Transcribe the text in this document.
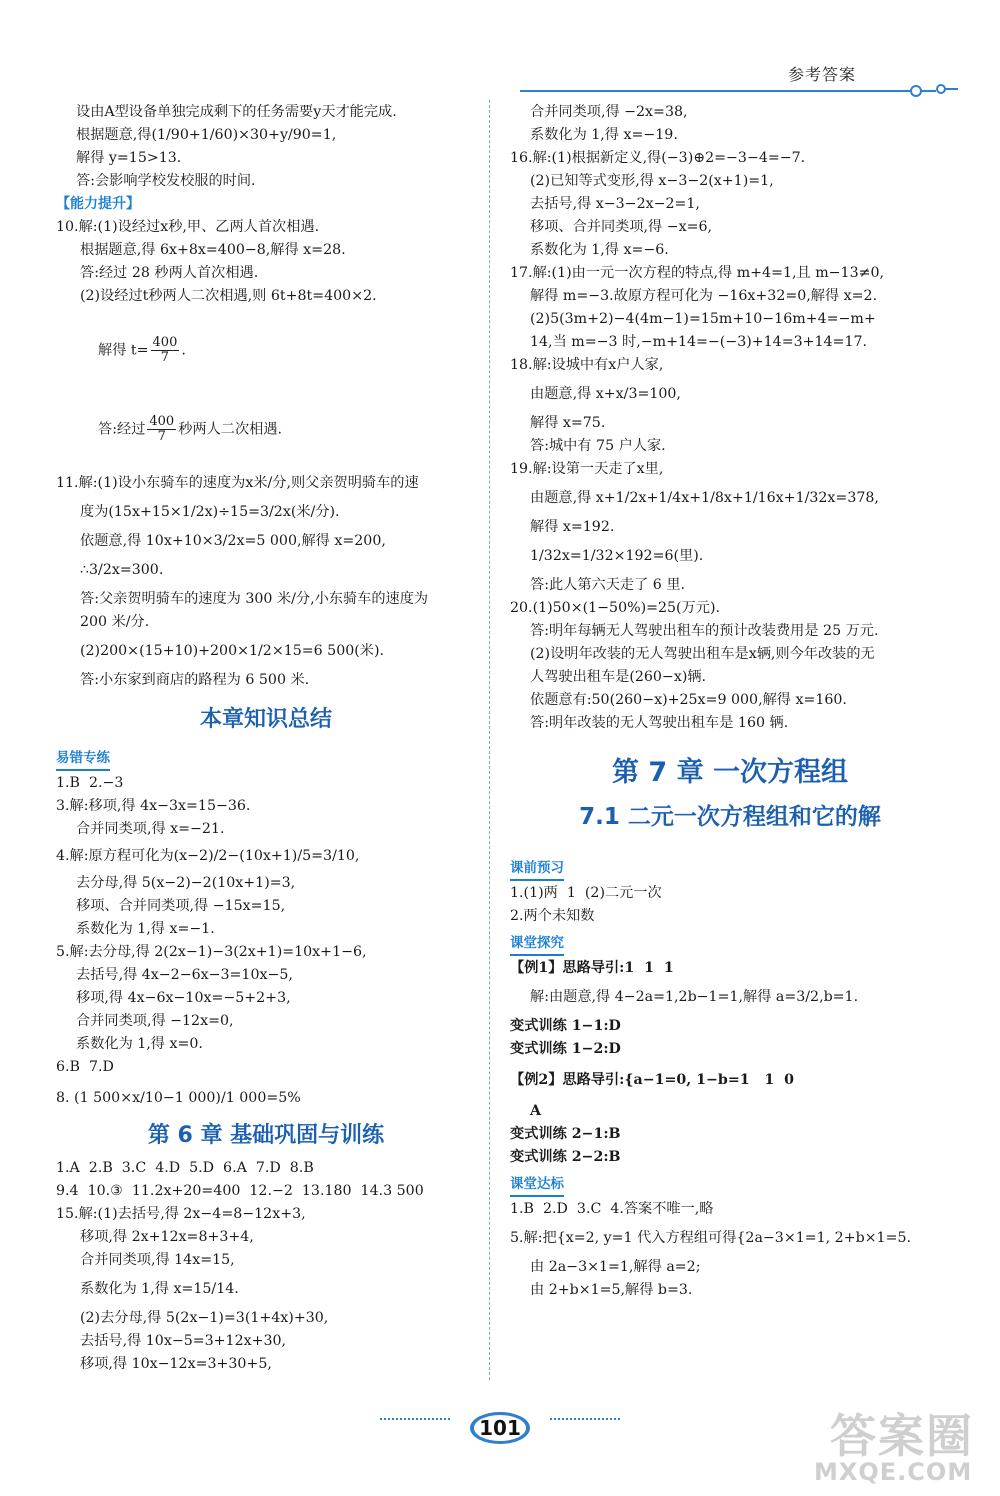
参考答案
设由A型设备单独完成剩下的任务需要y天才能完成.
根据题意,得(1/90+1/60)×30+y/90=1,
解得 y=15>13.
答:会影响学校发校服的时间.
【能力提升】
10.解:(1)设经过x秒,甲、乙两人首次相遇.
根据题意,得 6x+8x=400−8,解得 x=28.
答:经过 28 秒两人首次相遇.
(2)设经过t秒两人二次相遇,则 6t+8t=400×2.

解得 $t= \frac{400}{7}$ .

答:经过 $\frac{400}{7}$ 秒两人二次相遇.

11.解:(1)设小东骑车的速度为x米/分,则父亲贺明骑车的速
度为(15x+15×1/2x)÷15=3/2x(米/分).
依题意,得 10x+10×3/2x=5 000,解得 x=200,
∴3/2x=300.
答:父亲贺明骑车的速度为 300 米/分,小东骑车的速度为
200 米/分.
(2)200×(15+10)+200×1/2×15=6 500(米).
答:小东家到商店的路程为 6 500 米.
本章知识总结
易错专练
1.B  2.−3
3.解:移项,得 4x−3x=15−36.
合并同类项,得 x=−21.
4.解:原方程可化为(x−2)/2−(10x+1)/5=3/10,
去分母,得 5(x−2)−2(10x+1)=3,
移项、合并同类项,得 −15x=15,
系数化为 1,得 x=−1.
5.解:去分母,得 2(2x−1)−3(2x+1)=10x+1−6,
去括号,得 4x−2−6x−3=10x−5,
移项,得 4x−6x−10x=−5+2+3,
合并同类项,得 −12x=0,
系数化为 1,得 x=0.
6.B  7.D
8. (1 500×x/10−1 000)/1 000=5%
第 6 章 基础巩固与训练
1.A  2.B  3.C  4.D  5.D  6.A  7.D  8.B
9.4  10.③  11.2x+20=400  12.−2  13.180  14.3 500
15.解:(1)去括号,得 2x−4=8−12x+3,
移项,得 2x+12x=8+3+4,
合并同类项,得 14x=15,
系数化为 1,得 x=15/14.
(2)去分母,得 5(2x−1)=3(1+4x)+30,
去括号,得 10x−5=3+12x+30,
移项,得 10x−12x=3+30+5,
合并同类项,得 −2x=38,
系数化为 1,得 x=−19.
16.解:(1)根据新定义,得(−3)⊕2=−3−4=−7.
(2)已知等式变形,得 x−3−2(x+1)=1,
去括号,得 x−3−2x−2=1,
移项、合并同类项,得 −x=6,
系数化为 1,得 x=−6.
17.解:(1)由一元一次方程的特点,得 m+4=1,且 m−13≠0,
解得 m=−3.故原方程可化为 −16x+32=0,解得 x=2.
(2)5(3m+2)−4(4m−1)=15m+10−16m+4=−m+
14,当 m=−3 时,−m+14=−(−3)+14=3+14=17.
18.解:设城中有x户人家,
由题意,得 x+x/3=100,
解得 x=75.
答:城中有 75 户人家.
19.解:设第一天走了x里,
由题意,得 x+1/2x+1/4x+1/8x+1/16x+1/32x=378,
解得 x=192.
1/32x=1/32×192=6(里).
答:此人第六天走了 6 里.
20.(1)50×(1−50%)=25(万元).
答:明年每辆无人驾驶出租车的预计改装费用是 25 万元.
(2)设明年改装的无人驾驶出租车是x辆,则今年改装的无
人驾驶出租车是(260−x)辆.
依题意有:50(260−x)+25x=9 000,解得 x=160.
答:明年改装的无人驾驶出租车是 160 辆.
第 7 章 一次方程组
7.1 二元一次方程组和它的解
课前预习
1.(1)两  1  (2)二元一次
2.两个未知数
课堂探究
【例1】思路导引:1  1  1
解:由题意,得 4−2a=1,2b−1=1,解得 a=3/2,b=1.
变式训练 1−1:D
变式训练 1−2:D
【例2】思路导引:{a−1=0, 1−b=1   1  0
A
变式训练 2−1:B
变式训练 2−2:B
课堂达标
1.B  2.D  3.C  4.答案不唯一,略
5.解:把{x=2, y=1 代入方程组可得{2a−3×1=1, 2+b×1=5.
由 2a−3×1=1,解得 a=2;
由 2+b×1=5,解得 b=3.
101	答案圈
MXQE.COM
